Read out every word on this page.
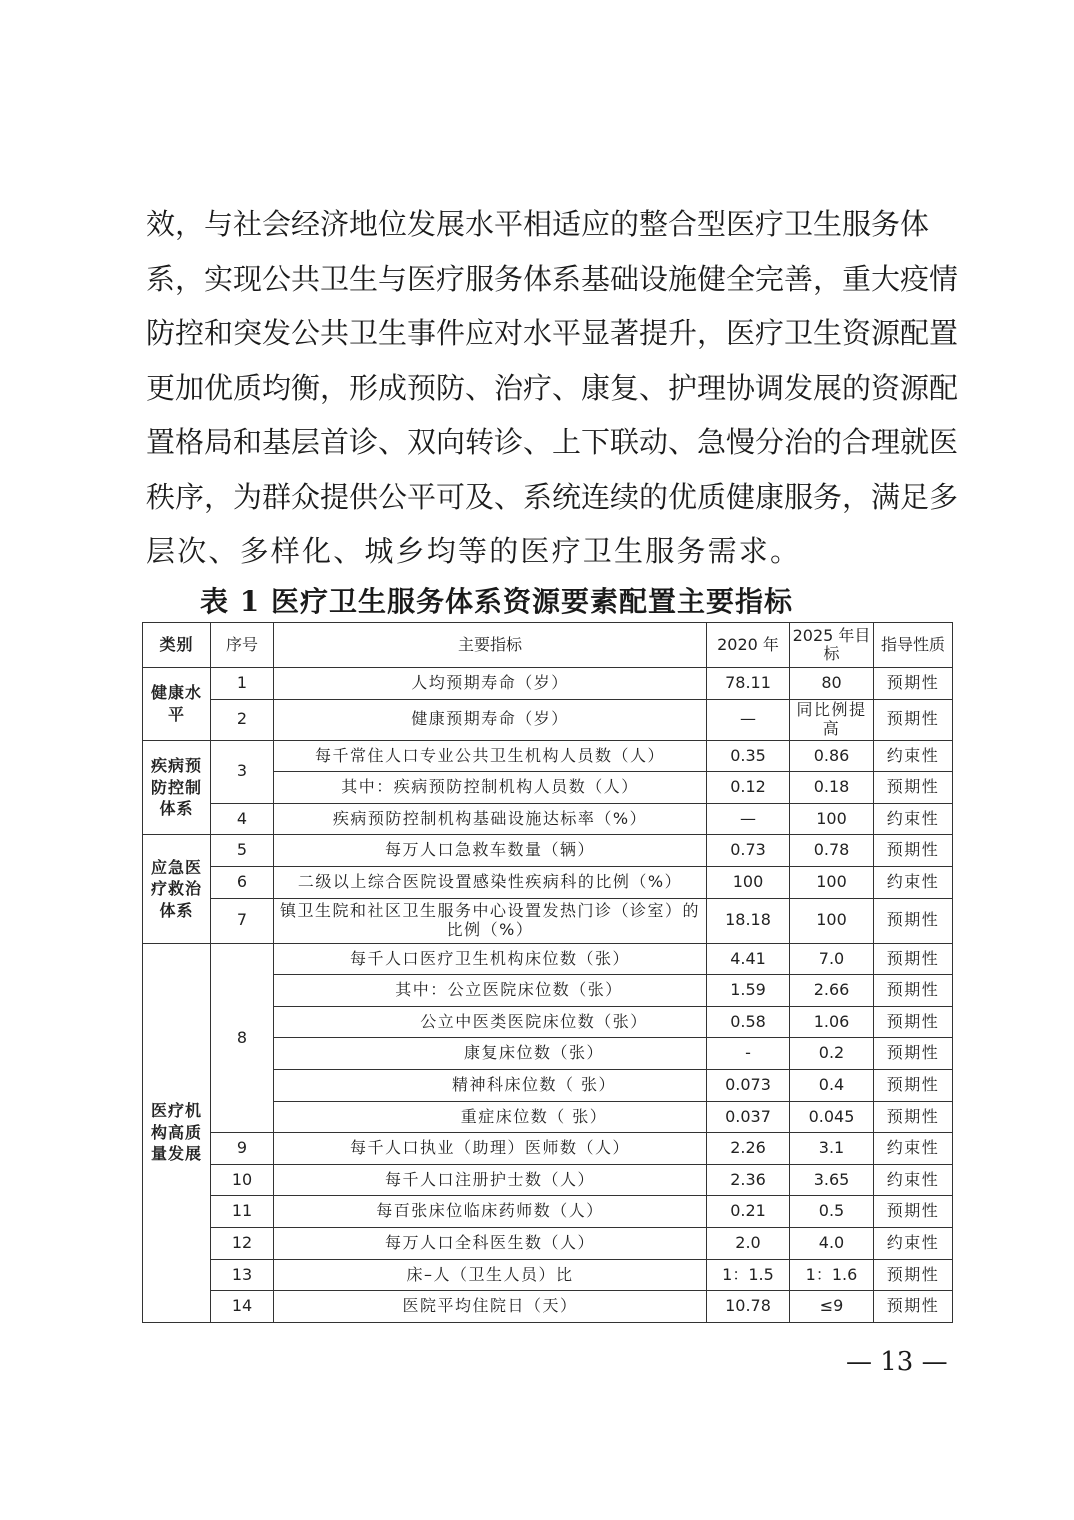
效，与社会经济地位发展水平相适应的整合型医疗卫生服务体
系，实现公共卫生与医疗服务体系基础设施健全完善，重大疫情
防控和突发公共卫生事件应对水平显著提升，医疗卫生资源配置
更加优质均衡，形成预防、治疗、康复、护理协调发展的资源配
置格局和基层首诊、双向转诊、上下联动、急慢分治的合理就医
秩序，为群众提供公平可及、系统连续的优质健康服务，满足多
层次、多样化、城乡均等的医疗卫生服务需求。
表 1 医疗卫生服务体系资源要素配置主要指标
类别	序号	主要指标	2020 年	2025 年目标	指导性质
健康水平	1	人均预期寿命（岁）	78.11	80	预期性
	2	健康预期寿命（岁）	—	同比例提高	预期性
疾病预防控制体系	3	每千常住人口专业公共卫生机构人员数（人）	0.35	0.86	约束性
		其中：疾病预防控制机构人员数（人）	0.12	0.18	预期性
	4	疾病预防控制机构基础设施达标率（%）	—	100	约束性
应急医疗救治体系	5	每万人口急救车数量（辆）	0.73	0.78	预期性
	6	二级以上综合医院设置感染性疾病科的比例（%）	100	100	约束性
	7	镇卫生院和社区卫生服务中心设置发热门诊（诊室）的比例（%）	18.18	100	预期性
医疗机构高质量发展	8	每千人口医疗卫生机构床位数（张）	4.41	7.0	预期性
		其中：公立医院床位数（张）	1.59	2.66	预期性
		公立中医类医院床位数（张）	0.58	1.06	预期性
		康复床位数（张）	-	0.2	预期性
		精神科床位数（ 张）	0.073	0.4	预期性
		重症床位数（ 张）	0.037	0.045	预期性
	9	每千人口执业（助理）医师数（人）	2.26	3.1	约束性
	10	每千人口注册护士数（人）	2.36	3.65	约束性
	11	每百张床位临床药师数（人）	0.21	0.5	预期性
	12	每万人口全科医生数（人）	2.0	4.0	约束性
	13	床–人（卫生人员）比	1：1.5	1：1.6	预期性
	14	医院平均住院日（天）	10.78	≤9	预期性
— 13 —
